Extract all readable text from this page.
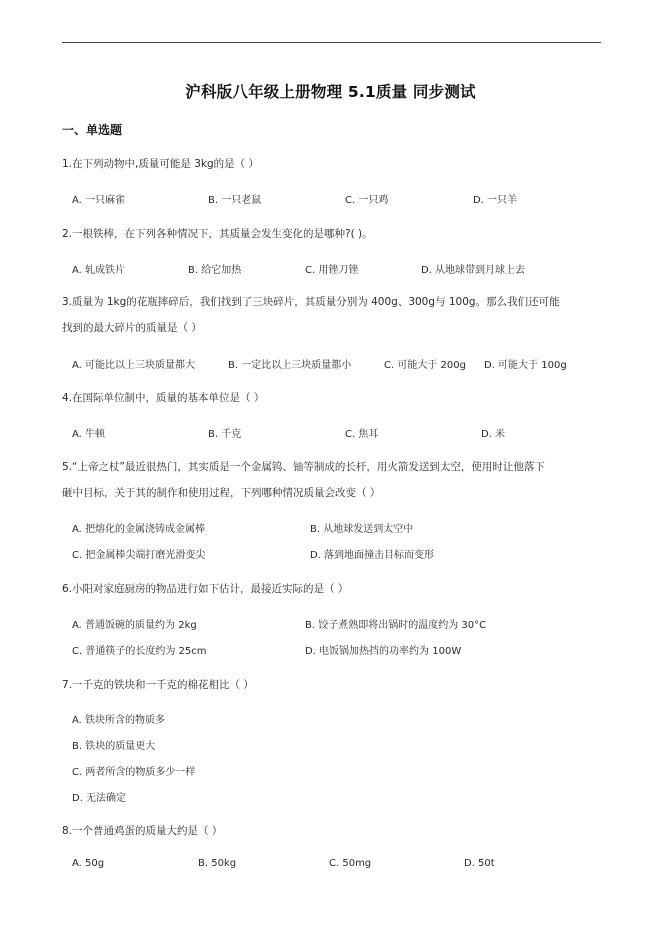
沪科版八年级上册物理 5.1质量 同步测试
一、单选题
1.在下列动物中,质量可能是 3kg的是（ ）
A. 一只麻雀	B. 一只老鼠	C. 一只鸡	D. 一只羊
2.一根铁棒，在下列各种情况下，其质量会发生变化的是哪种?( )。
A. 轧成铁片	B. 给它加热	C. 用锉刀锉	D. 从地球带到月球上去
3.质量为 1kg的花瓶摔碎后，我们找到了三块碎片，其质量分别为 400g、300g与 100g。那么我们还可能
找到的最大碎片的质量是（ ）
A. 可能比以上三块质量都大	B. 一定比以上三块质量都小	C. 可能大于 200g D. 可能大于 100g
4.在国际单位制中，质量的基本单位是（ ）
A. 牛顿	B. 千克	C. 焦耳	D. 米
5.“上帝之杖”最近很热门，其实质是一个金属钨、铀等制成的长杆，用火箭发送到太空，使用时让他落下
砸中目标，关于其的制作和使用过程，下列哪种情况质量会改变（ ）
A. 把熔化的金属浇铸成金属棒	B. 从地球发送到太空中
C. 把金属棒尖端打磨光滑变尖	D. 落到地面撞击目标而变形
6.小阳对家庭厨房的物品进行如下估计，最接近实际的是（ ）
A. 普通饭碗的质量约为 2kg	B. 饺子煮熟即将出锅时的温度约为 30°C
C. 普通筷子的长度约为 25cm	D. 电饭锅加热挡的功率约为 100W
7.一千克的铁块和一千克的棉花相比（ ）
A. 铁块所含的物质多
B. 铁块的质量更大
C. 两者所含的物质多少一样
D. 无法确定
8.一个普通鸡蛋的质量大约是（ ）
A. 50g	B. 50kg	C. 50mg	D. 50t
